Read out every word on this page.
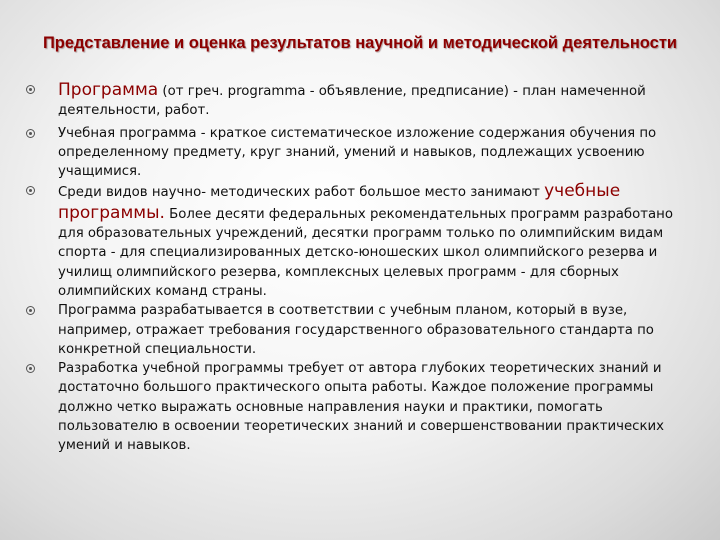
Представление и оценка результатов научной и методической деятельности
Программа (от греч. programma - объявление, предписание) - план намеченной деятельности, работ.
Учебная программа - краткое систематическое изложение содержания обучения по определенному предмету, круг знаний, умений и навыков, подлежащих усвоению учащимися.
Среди видов научно- методических работ большое место занимают учебные программы. Более десяти федеральных рекомендательных программ разработано для образовательных учреждений, десятки программ только по олимпийским видам спорта - для специализированных детско-юношеских школ олимпийского резерва и училищ олимпийского резерва, комплексных целевых программ - для сборных олимпийских команд страны.
Программа разрабатывается в соответствии с учебным планом, который в вузе, например, отражает требования государственного образовательного стандарта по конкретной специальности.
Разработка учебной программы требует от автора глубоких теоретических знаний и достаточно большого практического опыта работы. Каждое положение программы должно четко выражать основные направления науки и практики, помогать пользователю в освоении теоретических знаний и совершенствовании практических умений и навыков.
